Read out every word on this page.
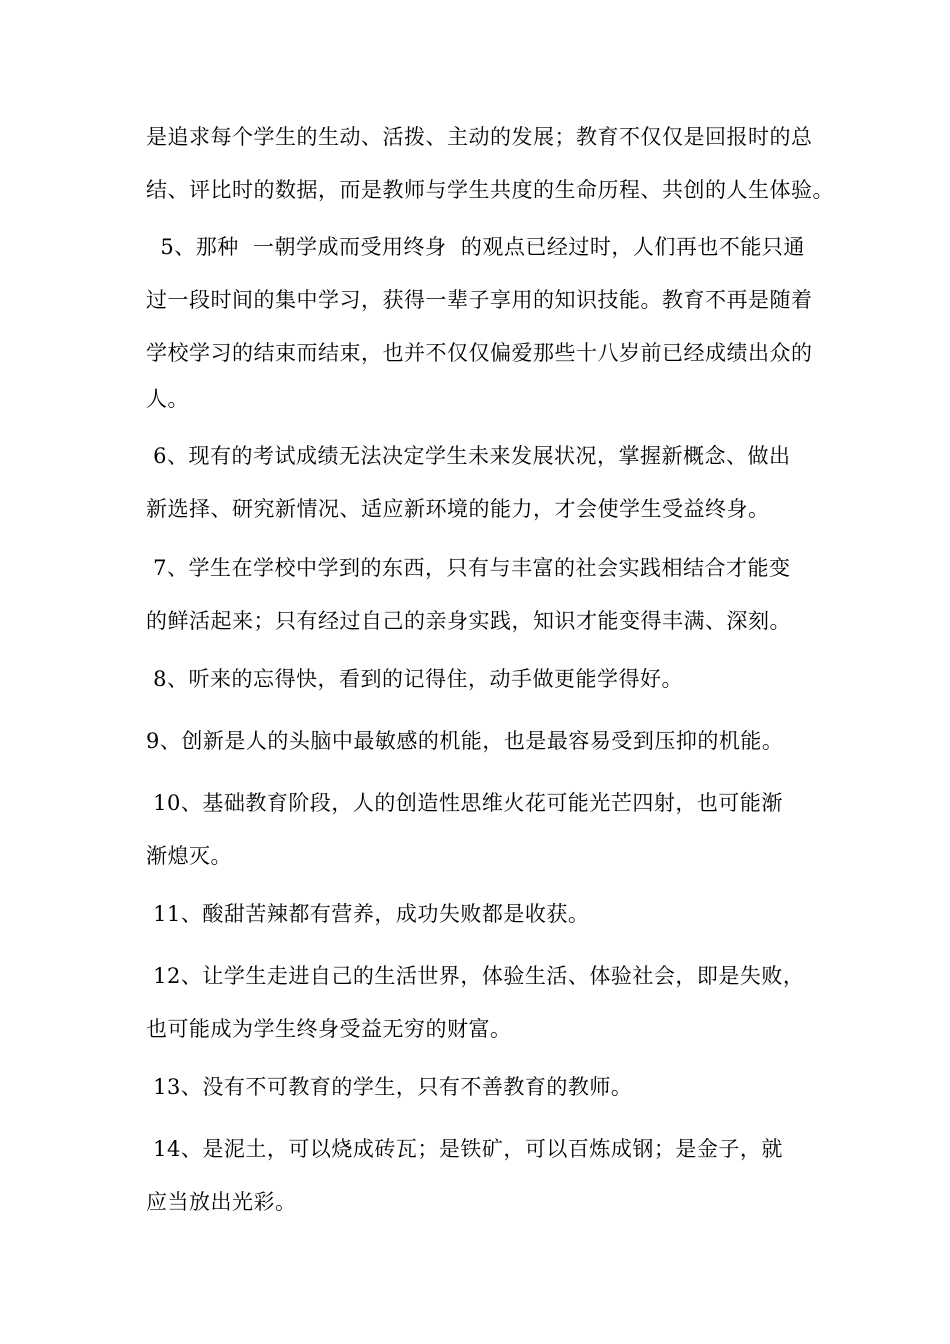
是追求每个学生的生动、活拨、主动的发展；教育不仅仅是回报时的总
结、评比时的数据，而是教师与学生共度的生命历程、共创的人生体验。
5、那种  一朝学成而受用终身  的观点已经过时，人们再也不能只通
过一段时间的集中学习，获得一辈子享用的知识技能。教育不再是随着
学校学习的结束而结束，也并不仅仅偏爱那些十八岁前已经成绩出众的
人。
6、现有的考试成绩无法决定学生未来发展状况，掌握新概念、做出
新选择、研究新情况、适应新环境的能力，才会使学生受益终身。
7、学生在学校中学到的东西，只有与丰富的社会实践相结合才能变
的鲜活起来；只有经过自己的亲身实践，知识才能变得丰满、深刻。
8、听来的忘得快，看到的记得住，动手做更能学得好。
9、创新是人的头脑中最敏感的机能，也是最容易受到压抑的机能。
10、基础教育阶段，人的创造性思维火花可能光芒四射，也可能渐
渐熄灭。
11、酸甜苦辣都有营养，成功失败都是收获。
12、让学生走进自己的生活世界，体验生活、体验社会，即是失败，
也可能成为学生终身受益无穷的财富。
13、没有不可教育的学生，只有不善教育的教师。
14、是泥土，可以烧成砖瓦；是铁矿，可以百炼成钢；是金子，就
应当放出光彩。
